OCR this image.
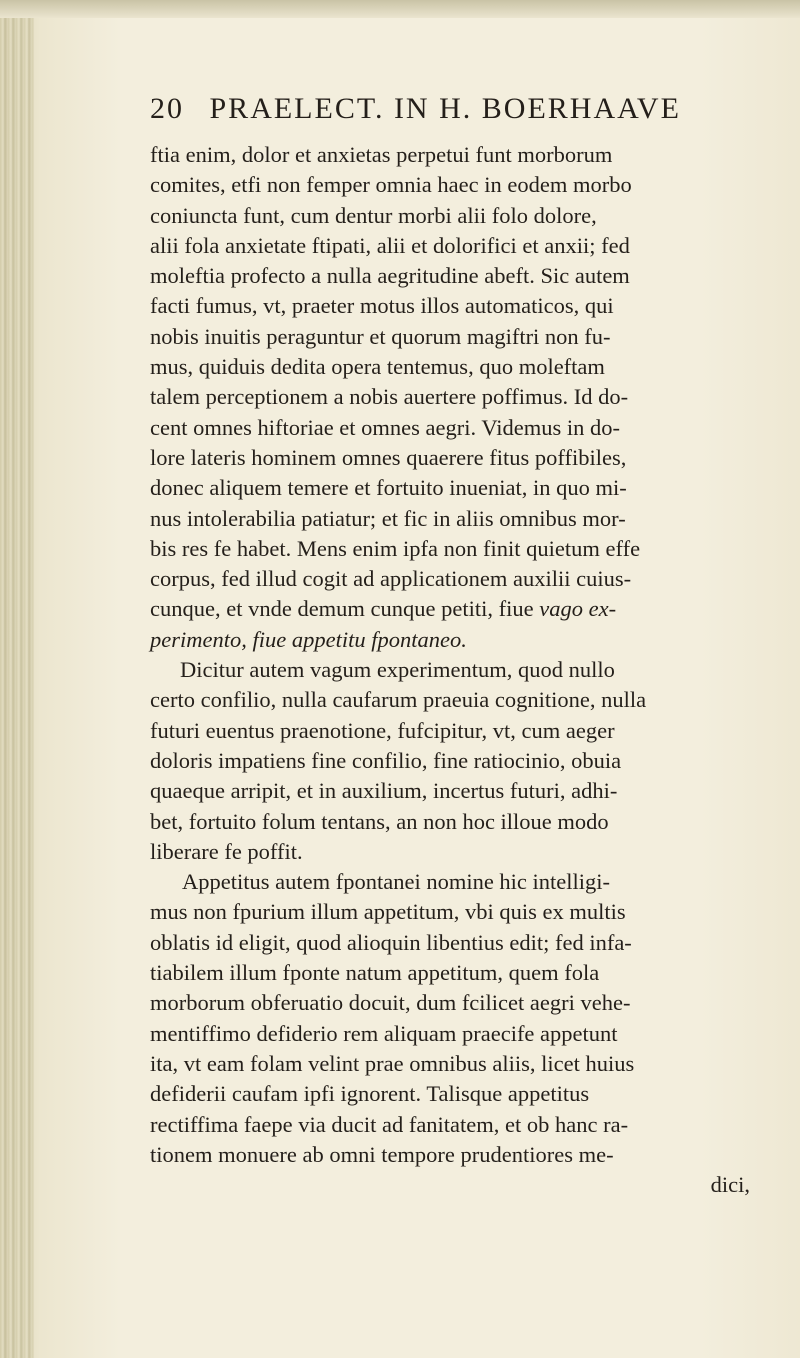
20 PRAELECT. IN H. BOERHAAVE
ftia enim, dolor et anxietas perpetui funt morborum
comites, etfi non femper omnia haec in eodem morbo
coniuncta funt, cum dentur morbi alii folo dolore,
alii fola anxietate ftipati, alii et dolorifici et anxii; fed
moleftia profecto a nulla aegritudine abeft. Sic autem
facti fumus, vt, praeter motus illos automaticos, qui
nobis inuitis peraguntur et quorum magiftri non fu-
mus, quiduis dedita opera tentemus, quo moleftam
talem perceptionem a nobis auertere poffimus. Id do-
cent omnes hiftoriae et omnes aegri. Videmus in do-
lore lateris hominem omnes quaerere fitus poffibiles,
donec aliquem temere et fortuito inueniat, in quo mi-
nus intolerabilia patiatur; et fic in aliis omnibus mor-
bis res fe habet. Mens enim ipfa non finit quietum effe
corpus, fed illud cogit ad applicationem auxilii cuius-
cunque, et vnde demum cunque petiti, fiue vago ex-
perimento, fiue appetitu fpontaneo.
Dicitur autem vagum experimentum, quod nullo
certo confilio, nulla caufarum praeuia cognitione, nulla
futuri euentus praenotione, fufcipitur, vt, cum aeger
doloris impatiens fine confilio, fine ratiocinio, obuia
quaeque arripit, et in auxilium, incertus futuri, adhi-
bet, fortuito folum tentans, an non hoc illoue modo
liberare fe poffit.
Appetitus autem fpontanei nomine hic intelligi-
mus non fpurium illum appetitum, vbi quis ex multis
oblatis id eligit, quod alioquin libentius edit; fed infa-
tiabilem illum fponte natum appetitum, quem fola
morborum obferuatio docuit, dum fcilicet aegri vehe-
mentiffimo defiderio rem aliquam praecife appetunt
ita, vt eam folam velint prae omnibus aliis, licet huius
defiderii caufam ipfi ignorent. Talisque appetitus
rectiffima faepe via ducit ad fanitatem, et ob hanc ra-
tionem monuere ab omni tempore prudentiores me-
dici,
